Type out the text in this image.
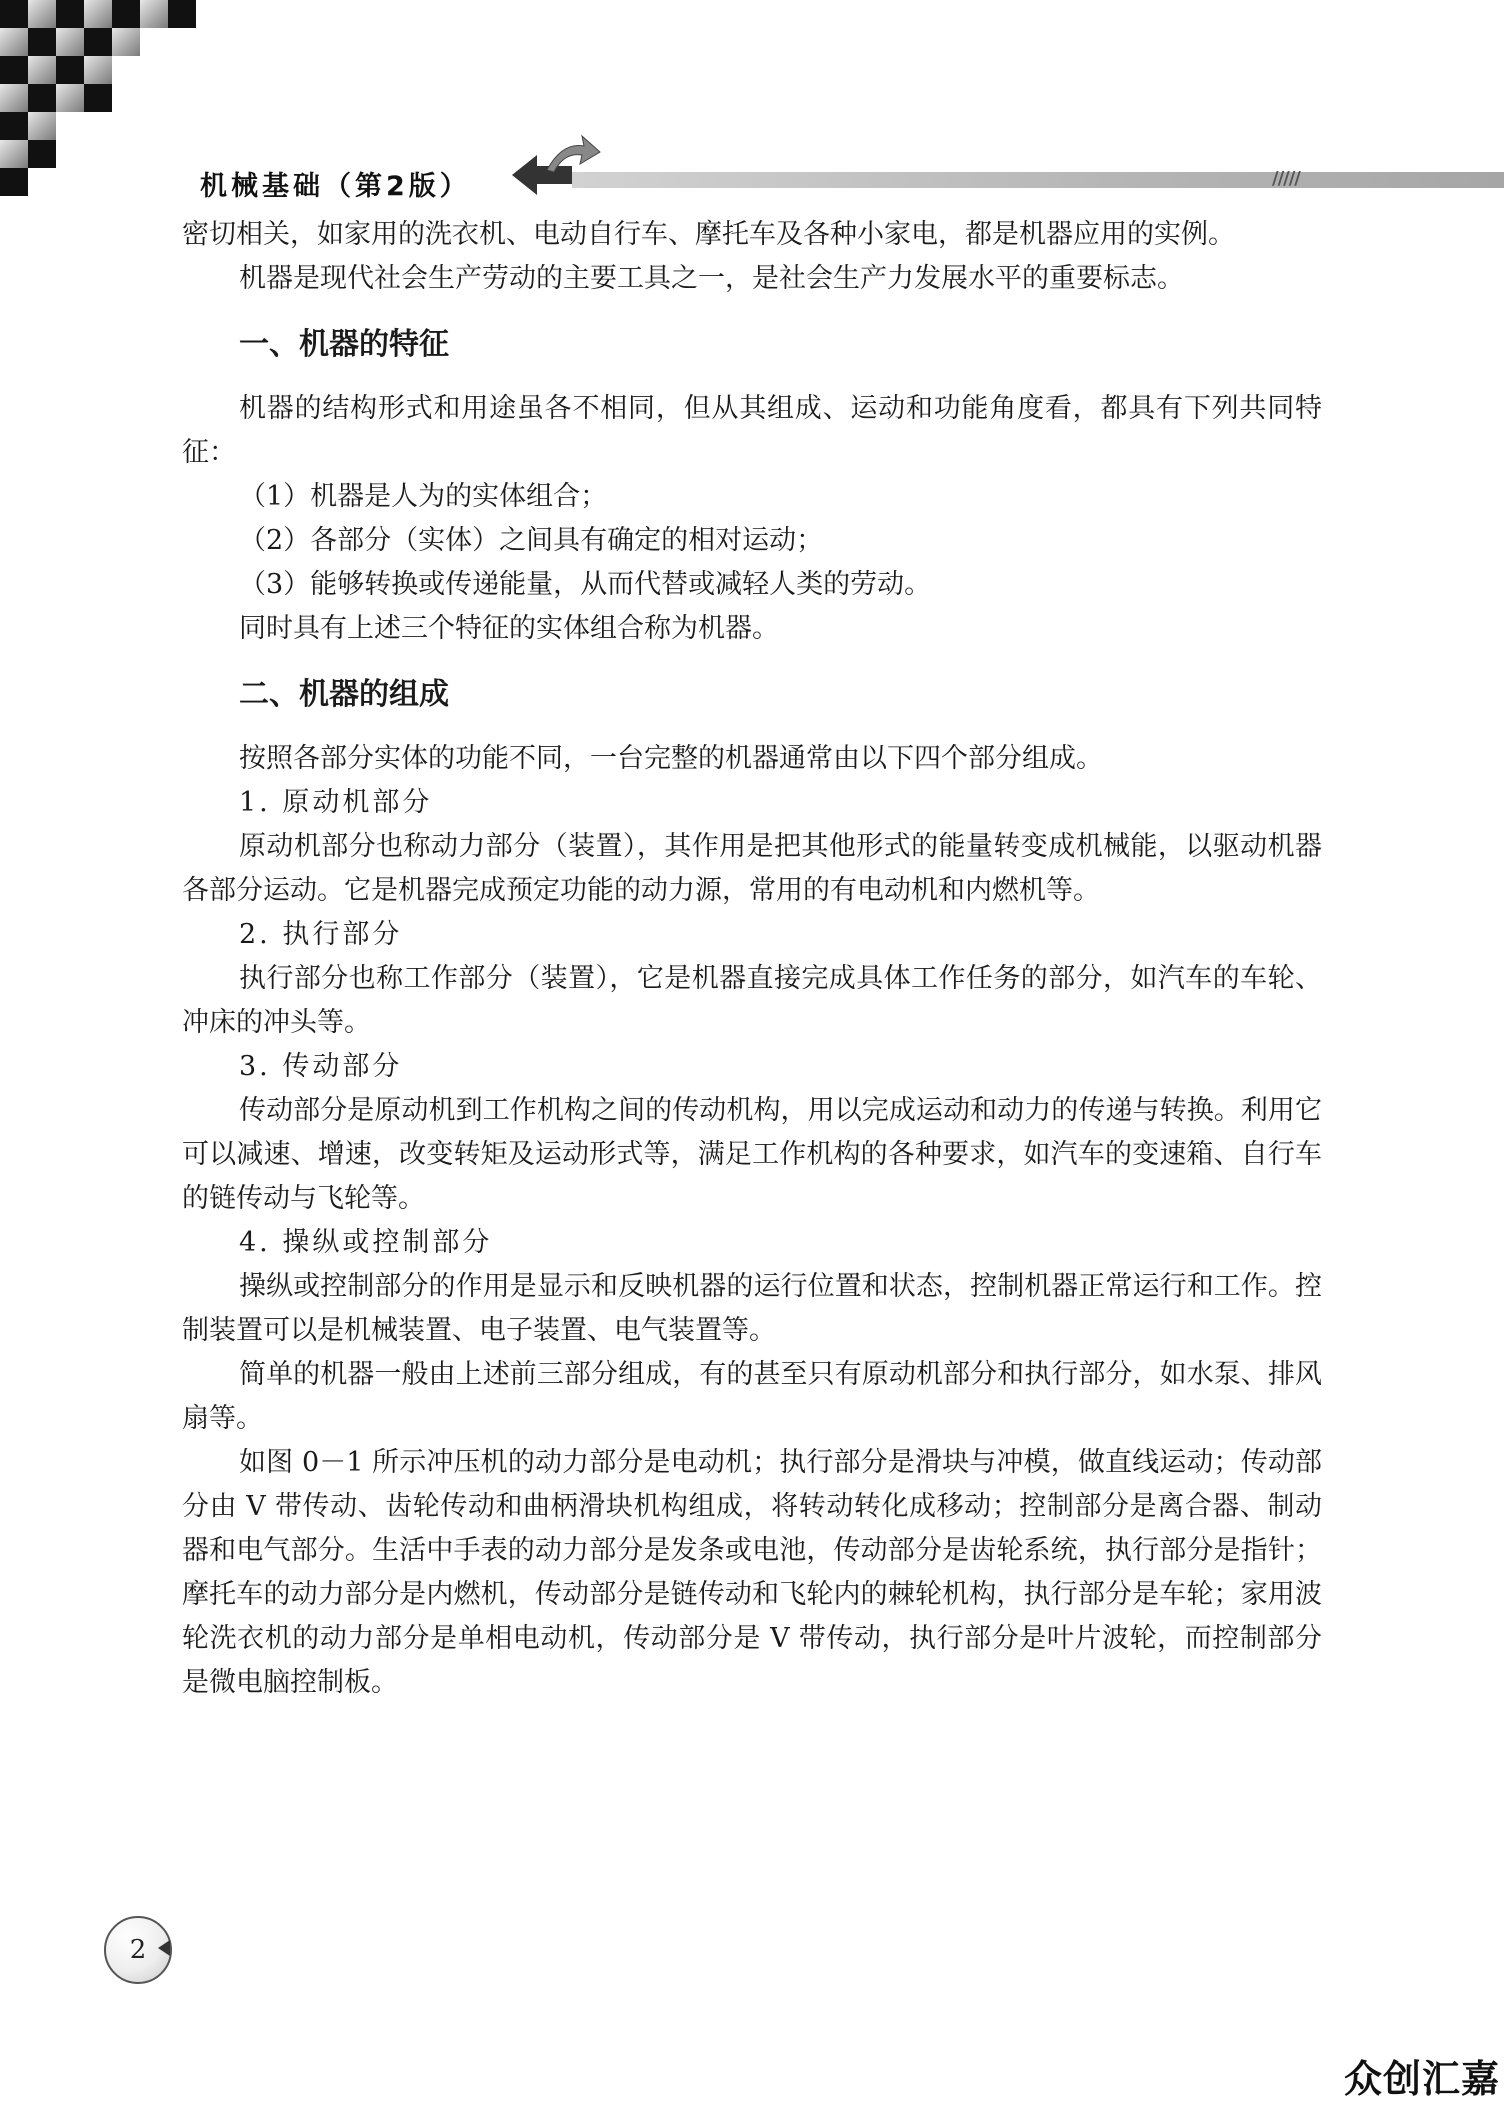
机械基础（第2版）	/////

密切相关，如家用的洗衣机、电动自行车、摩托车及各种小家电，都是机器应用的实例。

机器是现代社会生产劳动的主要工具之一，是社会生产力发展水平的重要标志。

一、机器的特征

机器的结构形式和用途虽各不相同，但从其组成、运动和功能角度看，都具有下列共同特征：

（1）机器是人为的实体组合；

（2）各部分（实体）之间具有确定的相对运动；

（3）能够转换或传递能量，从而代替或减轻人类的劳动。

同时具有上述三个特征的实体组合称为机器。

二、机器的组成

按照各部分实体的功能不同，一台完整的机器通常由以下四个部分组成。

1. 原动机部分

原动机部分也称动力部分（装置），其作用是把其他形式的能量转变成机械能，以驱动机器各部分运动。它是机器完成预定功能的动力源，常用的有电动机和内燃机等。

2. 执行部分

执行部分也称工作部分（装置），它是机器直接完成具体工作任务的部分，如汽车的车轮、冲床的冲头等。

3. 传动部分

传动部分是原动机到工作机构之间的传动机构，用以完成运动和动力的传递与转换。利用它可以减速、增速，改变转矩及运动形式等，满足工作机构的各种要求，如汽车的变速箱、自行车的链传动与飞轮等。

4. 操纵或控制部分

操纵或控制部分的作用是显示和反映机器的运行位置和状态，控制机器正常运行和工作。控制装置可以是机械装置、电子装置、电气装置等。

简单的机器一般由上述前三部分组成，有的甚至只有原动机部分和执行部分，如水泵、排风扇等。

如图 0－1 所示冲压机的动力部分是电动机；执行部分是滑块与冲模，做直线运动；传动部分由 V 带传动、齿轮传动和曲柄滑块机构组成，将转动转化成移动；控制部分是离合器、制动器和电气部分。生活中手表的动力部分是发条或电池，传动部分是齿轮系统，执行部分是指针；摩托车的动力部分是内燃机，传动部分是链传动和飞轮内的棘轮机构，执行部分是车轮；家用波轮洗衣机的动力部分是单相电动机，传动部分是 V 带传动，执行部分是叶片波轮，而控制部分是微电脑控制板。

2
众创汇嘉
